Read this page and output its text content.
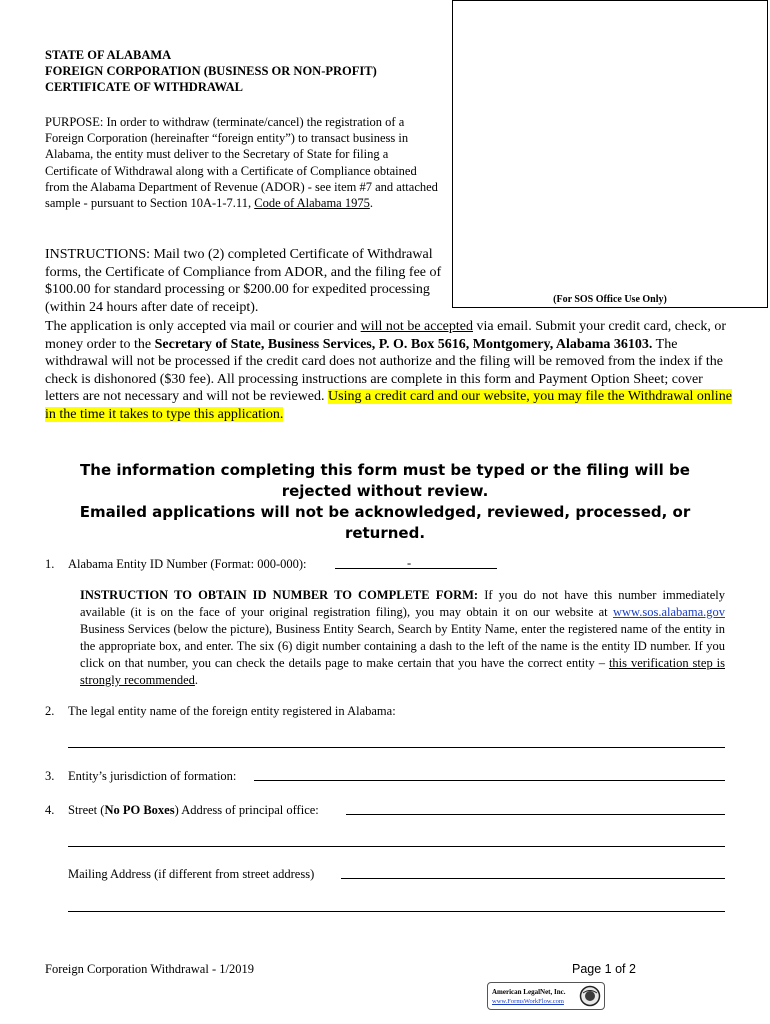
STATE OF ALABAMA
FOREIGN CORPORATION (BUSINESS OR NON-PROFIT)
CERTIFICATE OF WITHDRAWAL
PURPOSE: In order to withdraw (terminate/cancel) the registration of a Foreign Corporation (hereinafter “foreign entity”) to transact business in Alabama, the entity must deliver to the Secretary of State for filing a Certificate of Withdrawal along with a Certificate of Compliance obtained from the Alabama Department of Revenue (ADOR) - see item #7 and attached sample - pursuant to Section 10A-1-7.11, Code of Alabama 1975.
(For SOS Office Use Only)
INSTRUCTIONS: Mail two (2) completed Certificate of Withdrawal forms, the Certificate of Compliance from ADOR, and the filing fee of $100.00 for standard processing or $200.00 for expedited processing (within 24 hours after date of receipt).
The application is only accepted via mail or courier and will not be accepted via email. Submit your credit card, check, or money order to the Secretary of State, Business Services, P. O. Box 5616, Montgomery, Alabama 36103. The withdrawal will not be processed if the credit card does not authorize and the filing will be removed from the index if the check is dishonored ($30 fee). All processing instructions are complete in this form and Payment Option Sheet; cover letters are not necessary and will not be reviewed. Using a credit card and our website, you may file the Withdrawal online in the time it takes to type this application.
The information completing this form must be typed or the filing will be rejected without review.
Emailed applications will not be acknowledged, reviewed, processed, or returned.
1. Alabama Entity ID Number (Format: 000-000):	-
INSTRUCTION TO OBTAIN ID NUMBER TO COMPLETE FORM: If you do not have this number immediately available (it is on the face of your original registration filing), you may obtain it on our website at www.sos.alabama.gov Business Services (below the picture), Business Entity Search, Search by Entity Name, enter the registered name of the entity in the appropriate box, and enter. The six (6) digit number containing a dash to the left of the name is the entity ID number. If you click on that number, you can check the details page to make certain that you have the correct entity – this verification step is strongly recommended.
2. The legal entity name of the foreign entity registered in Alabama:
3. Entity’s jurisdiction of formation:
4. Street (No PO Boxes) Address of principal office:
Mailing Address (if different from street address)
Foreign Corporation Withdrawal - 1/2019	Page 1 of 2
American LegalNet, Inc.
www.FormsWorkFlow.com
